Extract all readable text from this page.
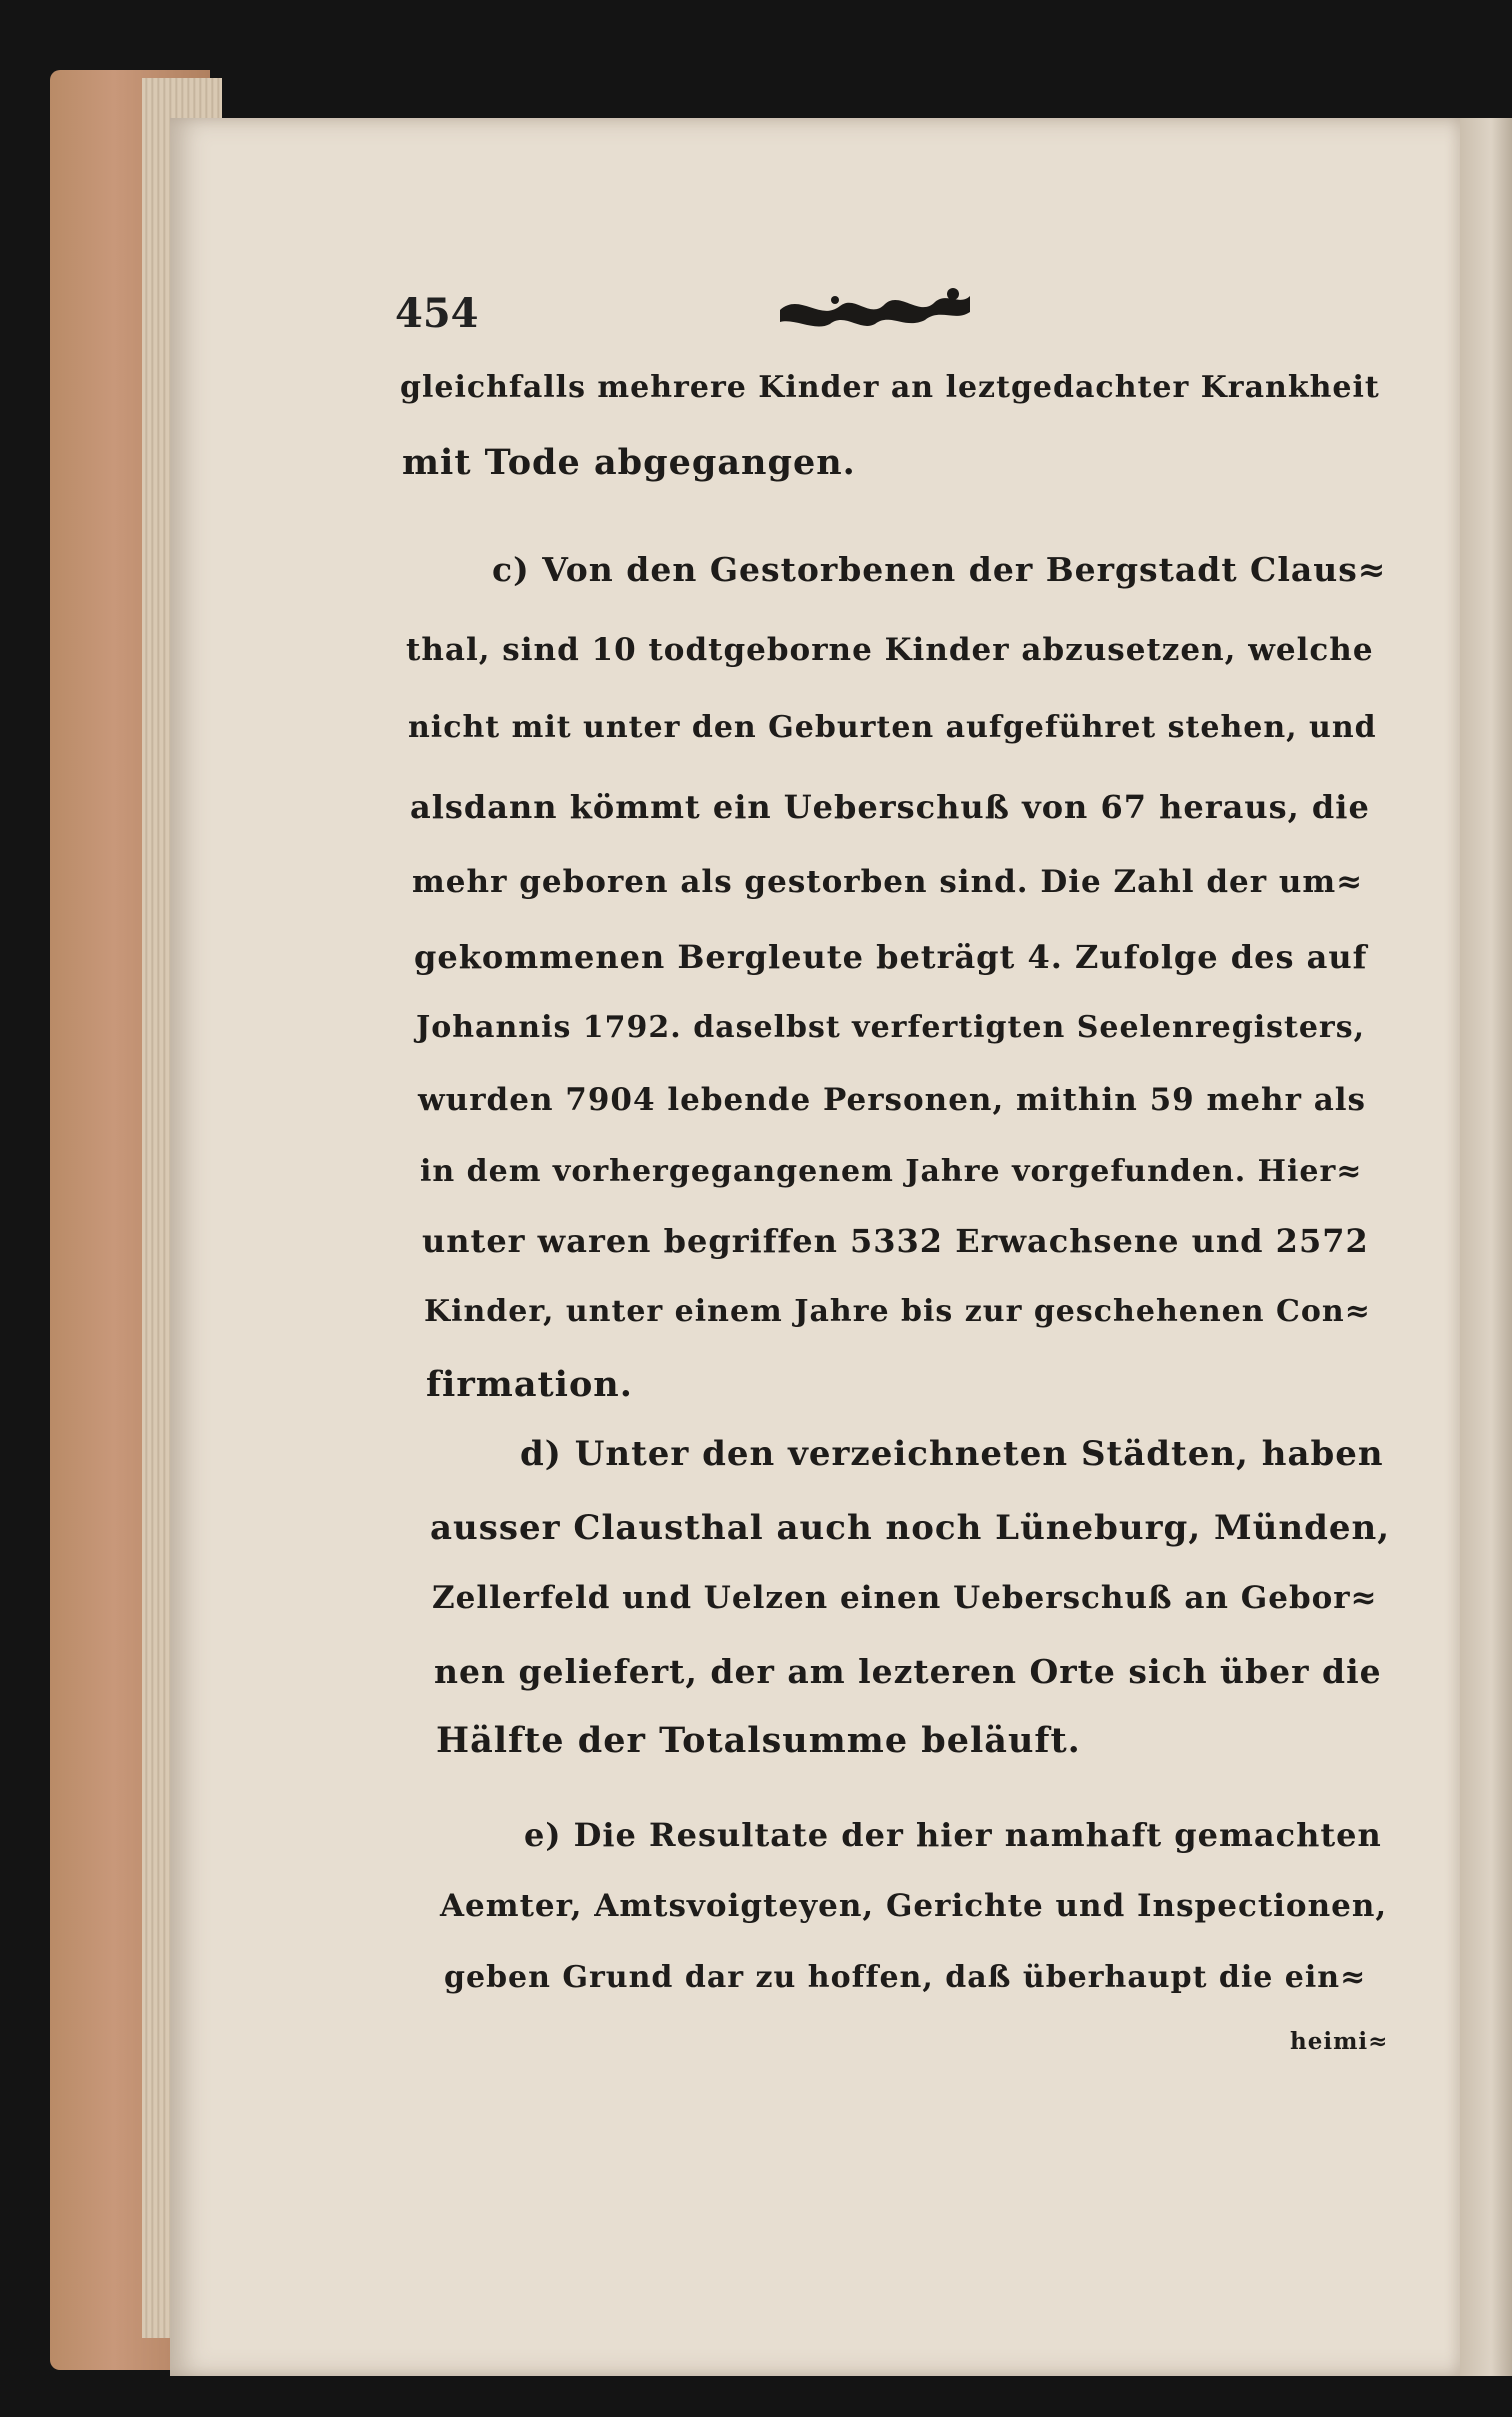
454
gleichfalls mehrere Kinder an leztgedachter Krankheit
mit Tode abgegangen.
c) Von den Gestorbenen der Bergstadt Claus≈
thal, sind 10 todtgeborne Kinder abzusetzen, welche
nicht mit unter den Geburten aufgeführet stehen, und
alsdann kömmt ein Ueberschuß von 67 heraus, die
mehr geboren als gestorben sind. Die Zahl der um≈
gekommenen Bergleute beträgt 4. Zufolge des auf
Johannis 1792. daselbst verfertigten Seelenregisters,
wurden 7904 lebende Personen, mithin 59 mehr als
in dem vorhergegangenem Jahre vorgefunden. Hier≈
unter waren begriffen 5332 Erwachsene und 2572
Kinder, unter einem Jahre bis zur geschehenen Con≈
firmation.
d) Unter den verzeichneten Städten, haben
ausser Clausthal auch noch Lüneburg, Münden,
Zellerfeld und Uelzen einen Ueberschuß an Gebor≈
nen geliefert, der am lezteren Orte sich über die
Hälfte der Totalsumme beläuft.
e) Die Resultate der hier namhaft gemachten
Aemter, Amtsvoigteyen, Gerichte und Inspectionen,
geben Grund dar zu hoffen, daß überhaupt die ein≈
heimi≈
